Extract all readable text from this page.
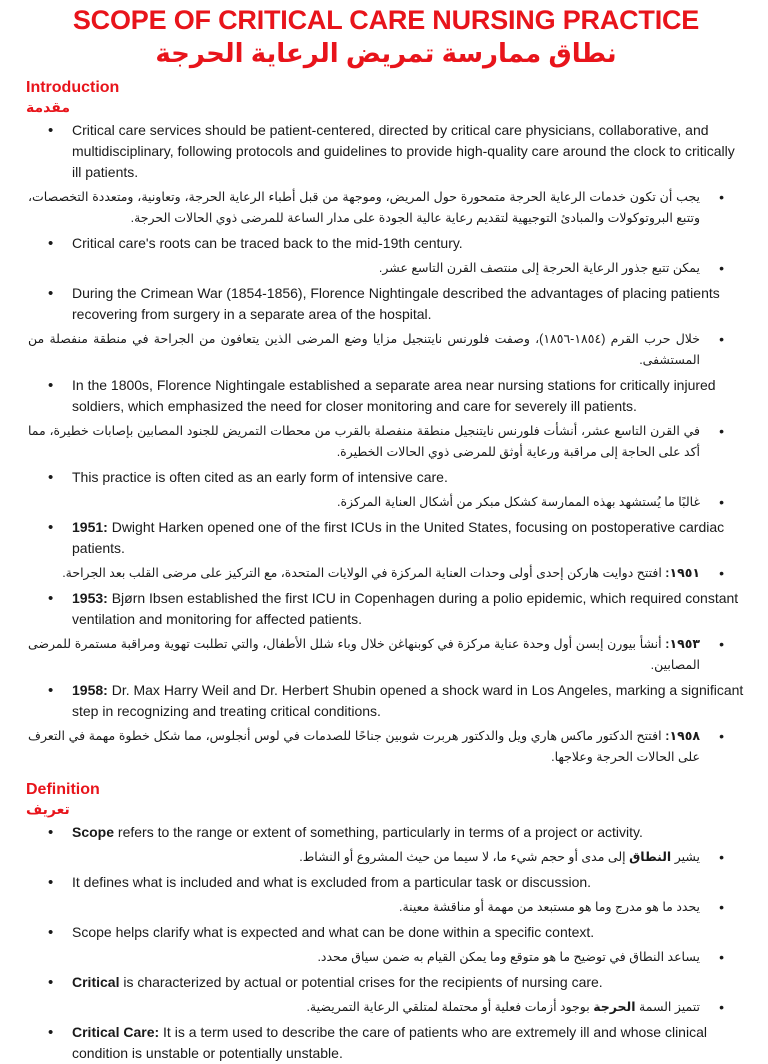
SCOPE OF CRITICAL CARE NURSING PRACTICE
نطاق ممارسة تمريض الرعاية الحرجة
Introduction
مقدمة
• Critical care services should be patient-centered, directed by critical care physicians, collaborative, and multidisciplinary, following protocols and guidelines to provide high-quality care around the clock to critically ill patients.
• يجب أن تكون خدمات الرعاية الحرجة متمحورة حول المريض، وموجهة من قبل أطباء الرعاية الحرجة، وتعاونية، ومتعددة التخصصات، وتتبع البروتوكولات والمبادئ التوجيهية لتقديم رعاية عالية الجودة على مدار الساعة للمرضى ذوي الحالات الحرجة.
• Critical care's roots can be traced back to the mid-19th century.
• يمكن تتبع جذور الرعاية الحرجة إلى منتصف القرن التاسع عشر.
• During the Crimean War (1854-1856), Florence Nightingale described the advantages of placing patients recovering from surgery in a separate area of the hospital.
• خلال حرب القرم (١٨٥٤-١٨٥٦)، وصفت فلورنس نايتنجيل مزايا وضع المرضى الذين يتعافون من الجراحة في منطقة منفصلة من المستشفى.
• In the 1800s, Florence Nightingale established a separate area near nursing stations for critically injured soldiers, which emphasized the need for closer monitoring and care for severely ill patients.
• في القرن التاسع عشر، أنشأت فلورنس نايتنجيل منطقة منفصلة بالقرب من محطات التمريض للجنود المصابين بإصابات خطيرة، مما أكد على الحاجة إلى مراقبة ورعاية أوثق للمرضى ذوي الحالات الخطيرة.
• This practice is often cited as an early form of intensive care.
• غالبًا ما يُستشهد بهذه الممارسة كشكل مبكر من أشكال العناية المركزة.
• 1951: Dwight Harken opened one of the first ICUs in the United States, focusing on postoperative cardiac patients.
• ١٩٥١: افتتح دوايت هاركن إحدى أولى وحدات العناية المركزة في الولايات المتحدة، مع التركيز على مرضى القلب بعد الجراحة.
• 1953: Bjørn Ibsen established the first ICU in Copenhagen during a polio epidemic, which required constant ventilation and monitoring for affected patients.
• ١٩٥٣: أنشأ بيورن إبسن أول وحدة عناية مركزة في كوبنهاغن خلال وباء شلل الأطفال، والتي تطلبت تهوية ومراقبة مستمرة للمرضى المصابين.
• 1958: Dr. Max Harry Weil and Dr. Herbert Shubin opened a shock ward in Los Angeles, marking a significant step in recognizing and treating critical conditions.
• ١٩٥٨: افتتح الدكتور ماكس هاري ويل والدكتور هربرت شوبين جناحًا للصدمات في لوس أنجلوس، مما شكل خطوة مهمة في التعرف على الحالات الحرجة وعلاجها.
Definition
تعريف
• Scope refers to the range or extent of something, particularly in terms of a project or activity.
• يشير النطاق إلى مدى أو حجم شيء ما، لا سيما من حيث المشروع أو النشاط.
• It defines what is included and what is excluded from a particular task or discussion.
• يحدد ما هو مدرج وما هو مستبعد من مهمة أو مناقشة معينة.
• Scope helps clarify what is expected and what can be done within a specific context.
• يساعد النطاق في توضيح ما هو متوقع وما يمكن القيام به ضمن سياق محدد.
• Critical is characterized by actual or potential crises for the recipients of nursing care.
• تتميز السمة الحرجة بوجود أزمات فعلية أو محتملة لمتلقي الرعاية التمريضية.
• Critical Care: It is a term used to describe the care of patients who are extremely ill and whose clinical condition is unstable or potentially unstable.
